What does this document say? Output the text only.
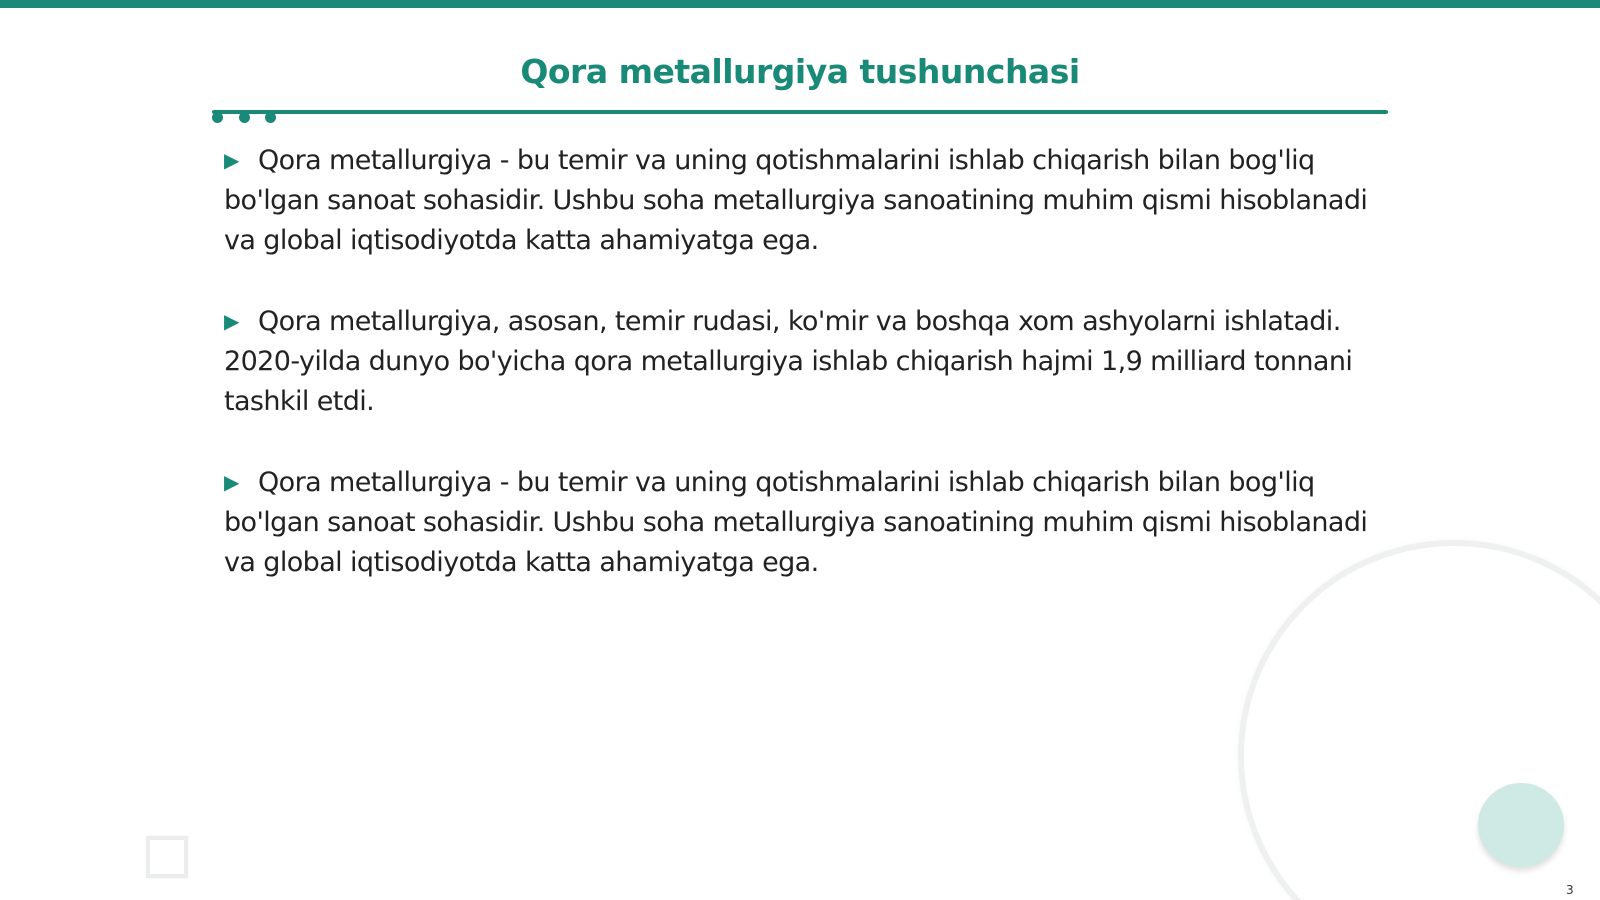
Qora metallurgiya tushunchasi

▶ Qora metallurgiya - bu temir va uning qotishmalarini ishlab chiqarish bilan bog'liq bo'lgan sanoat sohasidir. Ushbu soha metallurgiya sanoatining muhim qismi hisoblanadi va global iqtisodiyotda katta ahamiyatga ega.

▶ Qora metallurgiya, asosan, temir rudasi, ko'mir va boshqa xom ashyolarni ishlatadi. 2020-yilda dunyo bo'yicha qora metallurgiya ishlab chiqarish hajmi 1,9 milliard tonnani tashkil etdi.

▶ Qora metallurgiya - bu temir va uning qotishmalarini ishlab chiqarish bilan bog'liq bo'lgan sanoat sohasidir. Ushbu soha metallurgiya sanoatining muhim qismi hisoblanadi va global iqtisodiyotda katta ahamiyatga ega.

3
